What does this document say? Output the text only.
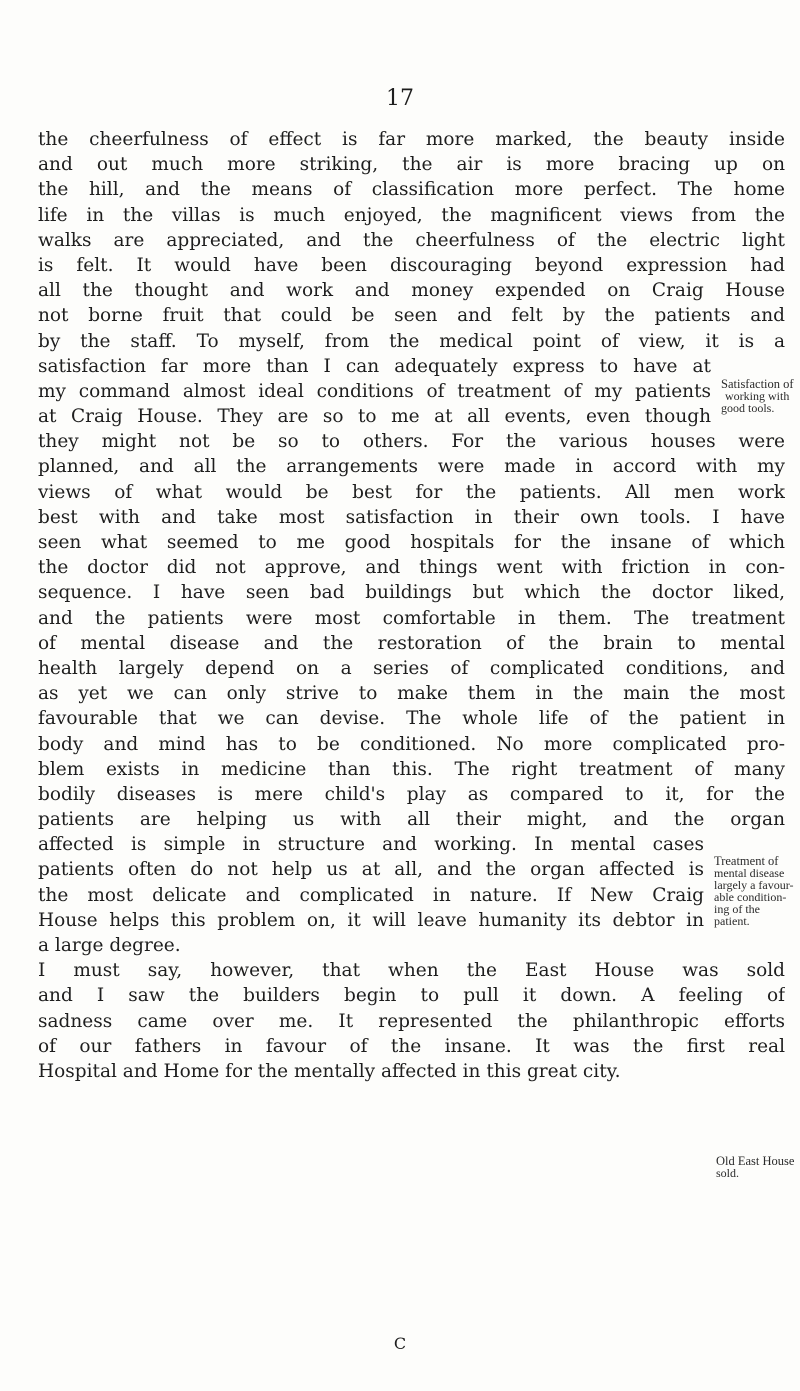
17
the cheerfulness of effect is far more marked, the beauty inside
and out much more striking, the air is more bracing up on
the hill, and the means of classification more perfect. The home
life in the villas is much enjoyed, the magnificent views from the
walks are appreciated, and the cheerfulness of the electric light
is felt. It would have been discouraging beyond expression had
all the thought and work and money expended on Craig House
not borne fruit that could be seen and felt by the patients and
by the staff. To myself, from the medical point of view, it is a
satisfaction far more than I can adequately express to have at
my command almost ideal conditions of treatment of my patients
at Craig House. They are so to me at all events, even though
they might not be so to others. For the various houses were
planned, and all the arrangements were made in accord with my
views of what would be best for the patients. All men work
best with and take most satisfaction in their own tools. I have
seen what seemed to me good hospitals for the insane of which
the doctor did not approve, and things went with friction in con-
sequence. I have seen bad buildings but which the doctor liked,
and the patients were most comfortable in them. The treatment
of mental disease and the restoration of the brain to mental
health largely depend on a series of complicated conditions, and
as yet we can only strive to make them in the main the most
favourable that we can devise. The whole life of the patient in
body and mind has to be conditioned. No more complicated pro-
blem exists in medicine than this. The right treatment of many
bodily diseases is mere child's play as compared to it, for the
patients are helping us with all their might, and the organ
affected is simple in structure and working. In mental cases
patients often do not help us at all, and the organ affected is
the most delicate and complicated in nature. If New Craig
House helps this problem on, it will leave humanity its debtor in
a large degree.
I must say, however, that when the East House was sold
and I saw the builders begin to pull it down. A feeling of
sadness came over me. It represented the philanthropic efforts
of our fathers in favour of the insane. It was the first real
Hospital and Home for the mentally affected in this great city.
Satisfaction of
working with
good tools.
Treatment of
mental disease
largely a favour-
able condition-
ing of the
patient.
Old East House
sold.
C
